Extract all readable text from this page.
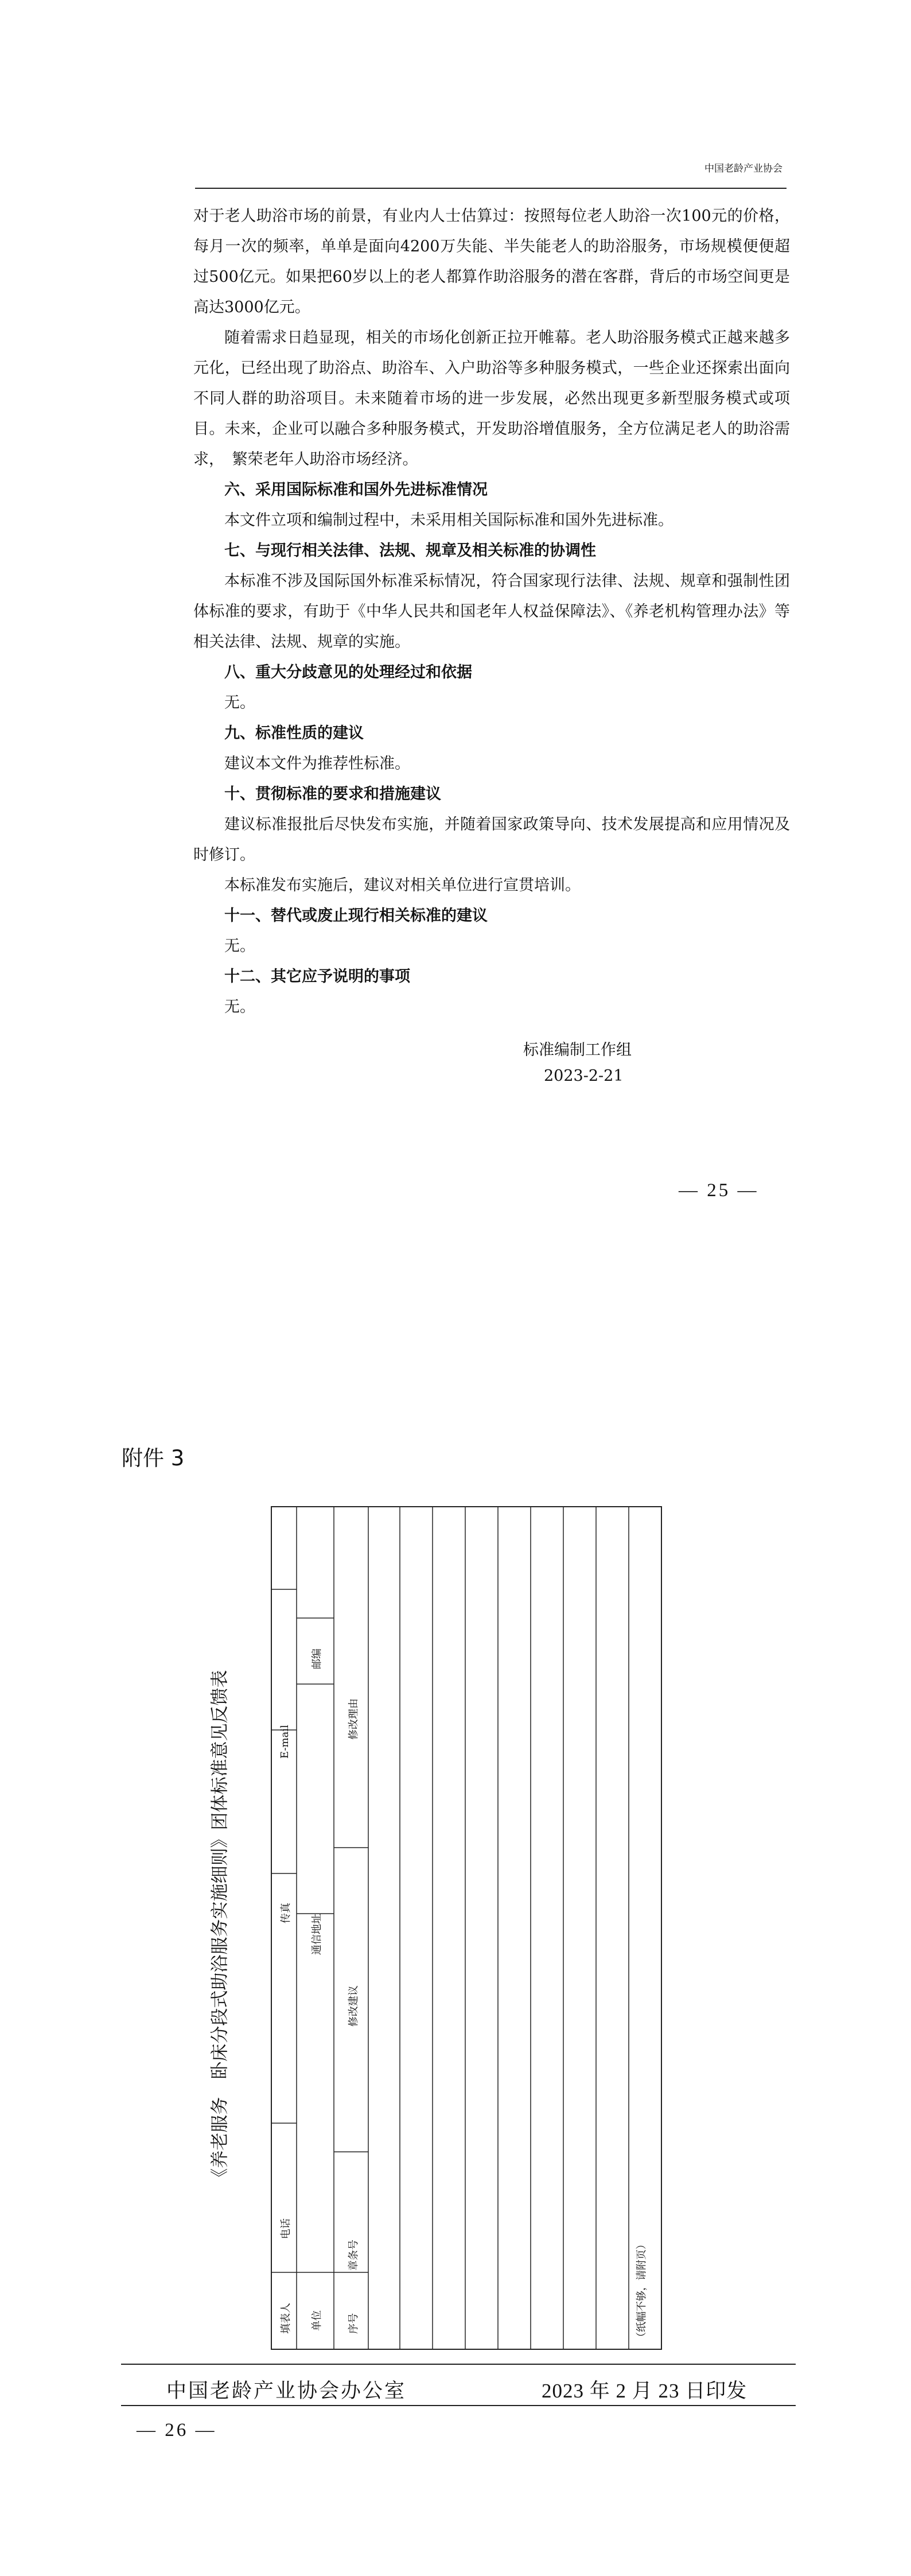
中国老龄产业协会

对于老人助浴市场的前景，有业内人士估算过：按照每位老人助浴一次100元的价格，每月一次的频率，单单是面向4200万失能、半失能老人的助浴服务，市场规模便便超过500亿元。如果把60岁以上的老人都算作助浴服务的潜在客群，背后的市场空间更是高达3000亿元。

随着需求日趋显现，相关的市场化创新正拉开帷幕。老人助浴服务模式正越来越多元化，已经出现了助浴点、助浴车、入户助浴等多种服务模式，一些企业还探索出面向不同人群的助浴项目。未来随着市场的进一步发展，必然出现更多新型服务模式或项目。未来，企业可以融合多种服务模式，开发助浴增值服务，全方位满足老人的助浴需求，　繁荣老年人助浴市场经济。

六、采用国际标准和国外先进标准情况

本文件立项和编制过程中，未采用相关国际标准和国外先进标准。

七、与现行相关法律、法规、规章及相关标准的协调性

本标准不涉及国际国外标准采标情况，符合国家现行法律、法规、规章和强制性团体标准的要求，有助于《中华人民共和国老年人权益保障法》、《养老机构管理办法》等相关法律、法规、规章的实施。

八、重大分歧意见的处理经过和依据

无。

九、标准性质的建议

建议本文件为推荐性标准。

十、贯彻标准的要求和措施建议

建议标准报批后尽快发布实施，并随着国家政策导向、技术发展提高和应用情况及时修订。

本标准发布实施后，建议对相关单位进行宣贯培训。

十一、替代或废止现行相关标准的建议

无。

十二、其它应予说明的事项

无。

标准编制工作组
2023-2-21
— 25 —
附件 3
《养老服务　卧床分段式助浴服务实施细则》团体标准意见反馈表
填表人
电话
传真
E-mail
单位
通信地址
邮编
序号
章条号
修改建议
修改理由
（纸幅不够，请附页）
中国老龄产业协会办公室	2023 年 2 月 23 日印发
— 26 —
